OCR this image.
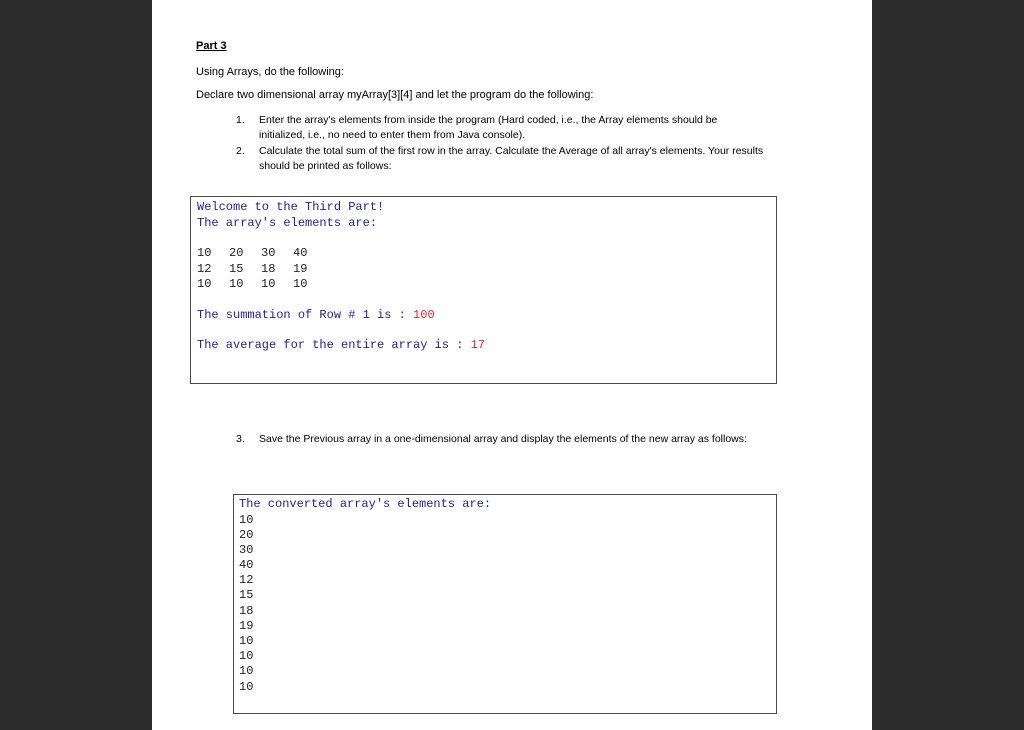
Part 3
Using Arrays, do the following:
Declare two dimensional array myArray[3][4] and let the program do the following:
1.	Enter the array's elements from inside the program (Hard coded, i.e., the Array elements should be initialized, i.e., no need to enter them from Java console).
2.	Calculate the total sum of the first row in the array. Calculate the Average of all array's elements. Your results should be printed as follows:
Welcome to the Third Part!
The array's elements are:
10	20	30	40
12	15	18	19
10	10	10	10
The summation of Row # 1 is : 100
The average for the entire array is : 17
3.	Save the Previous array in a one-dimensional array and display the elements of the new array as follows:
The converted array's elements are:
10
20
30
40
12
15
18
19
10
10
10
10
